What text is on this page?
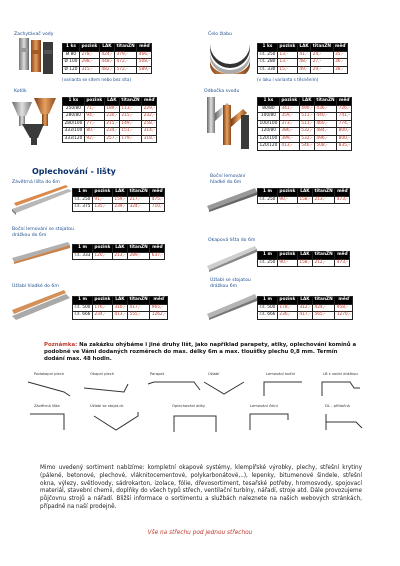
Zachytávač vody
1 ks	pozink	LAK	titanZN	měď
Ø 80	278,-	424,-	379,-	466,-
Ø 100	298,-	448,-	472,-	508,-
Ø 120	315,-	482,-	572,-	589,-
(varianta se sítem nebo bez síta)
Čelo žlabu
1 ks	pozink	LAK	titanZN	měď
r.š. 250	13,-	41,-	24,-	35,-
r.š. 280	13,-	48,-	27,-	36,-
r.š. 330	15,-	49,-	29,-	38,-
(v laku i varianta s těsněním)
Kotlík
1 ks	pozink	LAK	titanZN	měď
250/80	71,-	189,-	113,-	229,-
280/80	94,-	230,-	215,-	232,-
280/100	77,-	215,-	149,-	258,-
333/100	80,-	234,-	151,-	314,-
333/120	92,-	257,-	179,-	318,-
Odbočka svodu
1 ks	pozink	LAK	titanZN	měď
80/80	341,-	490,-	436,-	726,-
100/80	359,-	511,-	440,-	741,-
100/100	373,-	511,-	460,-	774,-
120/80	386,-	532,-	484,-	800,-
120/100	399,-	532,-	496,-	800,-
120/120	413,-	546,-	508,-	835,-
Oplechování - lišty
Závětrná lišta do 6m
1 m	pozink	LAK	titanZN	měď
r.š. 250	91,-	159,-	217,-	475,-
r.š. 375	135,-	239,-	324,-	710,-
Boční lemování hladké do 6m
1 m	pozink	LAK	titanZN	měď
r.š. 250	90,-	158,-	213,-	473,-
Boční lemování se stojatou drážkou do 6m
1 m	pozink	LAK	titanZN	měď
r.š. 333	120,-	213,-	289,-	637,-
Okapová lišta do 6m
1 m	pozink	LAK	titanZN	měď
r.š. 250	90,-	158,-	212,-	473,-
Úžlabí hladké do 6m
1 m	pozink	LAK	titanZN	měď
r.š. 500	176,-	310,-	417,-	965,-
r.š. 666	234,-	413,-	555,-	1262,-
Úžlabí se stojatou drážkou 6m
1 m	pozink	LAK	titanZN	měď
r.š. 500	178,-	312,-	424,-	958,-
r.š. 666	236,-	417,-	565,-	1270,-
Poznámka: Na zakázku ohýbáme i jiné druhy lišt, jako například parapety, atiky, oplechování komínů a podobně ve Vámi dodaných rozměrech do max. délky 6m a max. tloušťky plechu 0,8 mm. Termín dodání max. 48 hodin.
Podokapní plech	Okapní plech	Parapet	Úžlabí	Lemování boční	LB s vodní drážkou
Závětrná lišta	Úžlabí se stojat.dr.	Oplechování atiky	Lemování čelní	DL - přítlačná
Mimo uvedený sortiment nabízíme: kompletní okapové systémy, klempířské výrobky, plechy, střešní krytiny (pálené, betonové, plechové, vláknitocementové, polykarbonátové,..), lepenky, bitumenové šindele, střešní okna, výlezy, světlovody, sádrokarton, izolace, fólie, dřevosortiment, tesařské potřeby, hromosvody, spojovací materiál, stavební chemii, doplňky do všech typů střech, ventilační turbíny, nářadí, stroje atd. Dále provozujeme půjčovnu strojů a nářadí. Bližší informace o sortimentu a službách naleznete na našich webových stránkách, případně na naší prodejně.
Vše na střechu pod jednou střechou
